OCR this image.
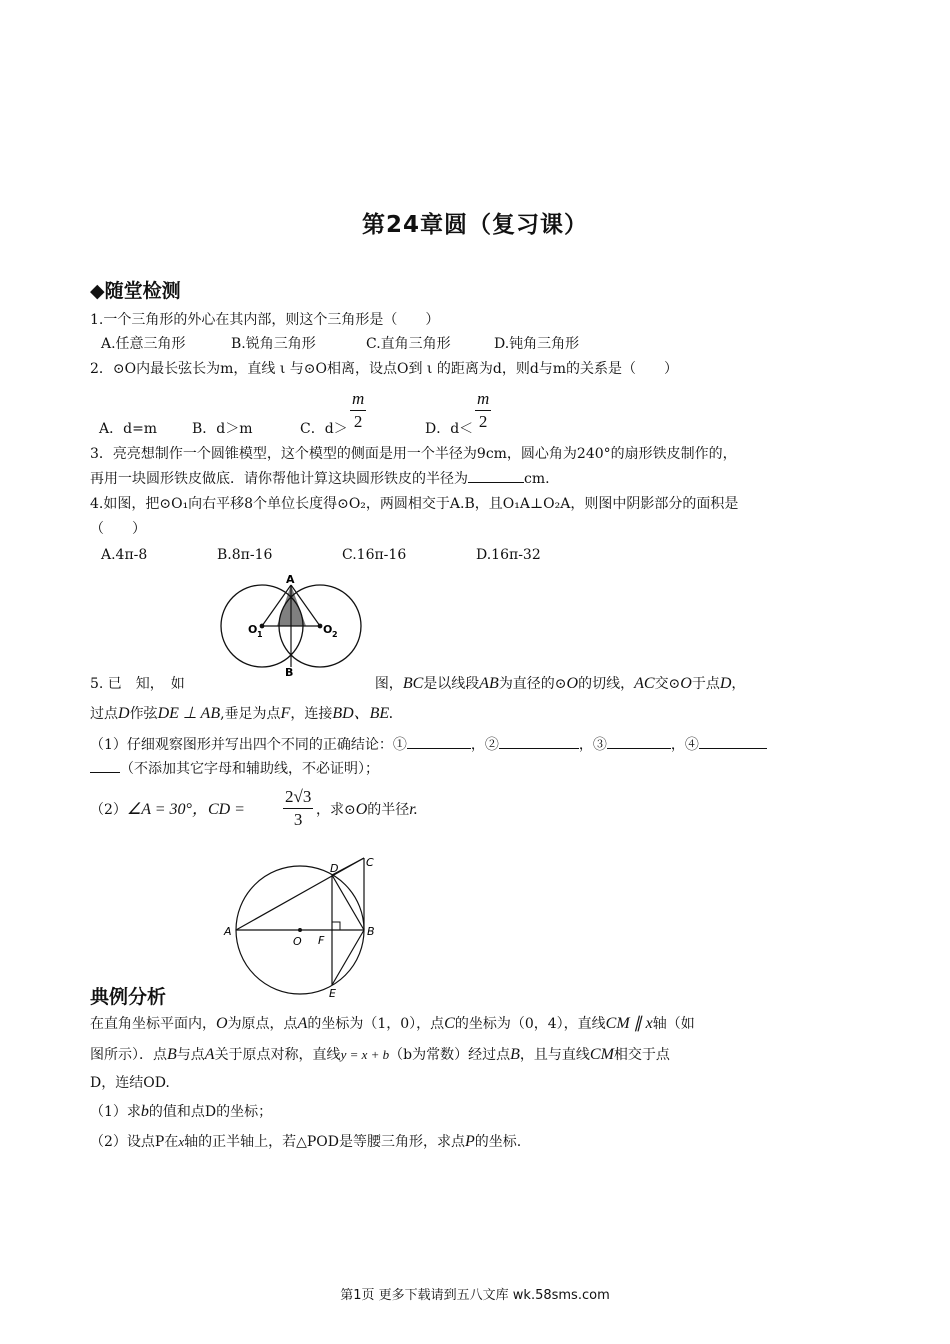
第24章圆（复习课）
◆随堂检测
1.一个三角形的外心在其内部，则这个三角形是（　　）
A.任意三角形	B.锐角三角形	C.直角三角形	D.钝角三角形
2．⊙O内最长弦长为m，直线 ι 与⊙O相离，设点O到 ι 的距离为d，则d与m的关系是（　　）
A．d=m B．d＞m	C．$d> \frac{m}{2}$	D．$d< \frac{m}{2}$
3．亮亮想制作一个圆锥模型，这个模型的侧面是用一个半径为9cm，圆心角为240°的扇形铁皮制作的，
再用一块圆形铁皮做底．请你帮他计算这块圆形铁皮的半径为	cm.
4.如图，把⊙O₁向右平移8个单位长度得⊙O₂，两圆相交于A.B，且O₁A⊥O₂A，则图中阴影部分的面积是
（　　）
A.4π-8	B.8π-16	C.16π-16	D.16π-32
A
B
O 1	O 2
5. 已　知，　如	图，BC是以线段AB为直径的⊙O的切线，AC交⊙O于点D，
过点D作弦DE ⊥ AB,垂足为点F，连接BD、BE.
（1）仔细观察图形并写出四个不同的正确结论：①	，②	，③	，④
（不添加其它字母和辅助线，不必证明）；
（2）∠A = 30°，CD = $\frac{2√3}{3}$ ，求⊙O的半径r.
A	B
C
D
E
F
O
典例分析
在直角坐标平面内，O为原点，点A的坐标为（1，0），点C的坐标为（0，4），直线CM ∥ x轴（如
图所示）．点B与点A关于原点对称，直线y = x + b（b为常数）经过点B，且与直线CM相交于点
D，连结OD.
（1）求b的值和点D的坐标；
（2）设点P在x轴的正半轴上，若△POD是等腰三角形，求点P的坐标.
第1页 更多下载请到五八文库 wk.58sms.com
